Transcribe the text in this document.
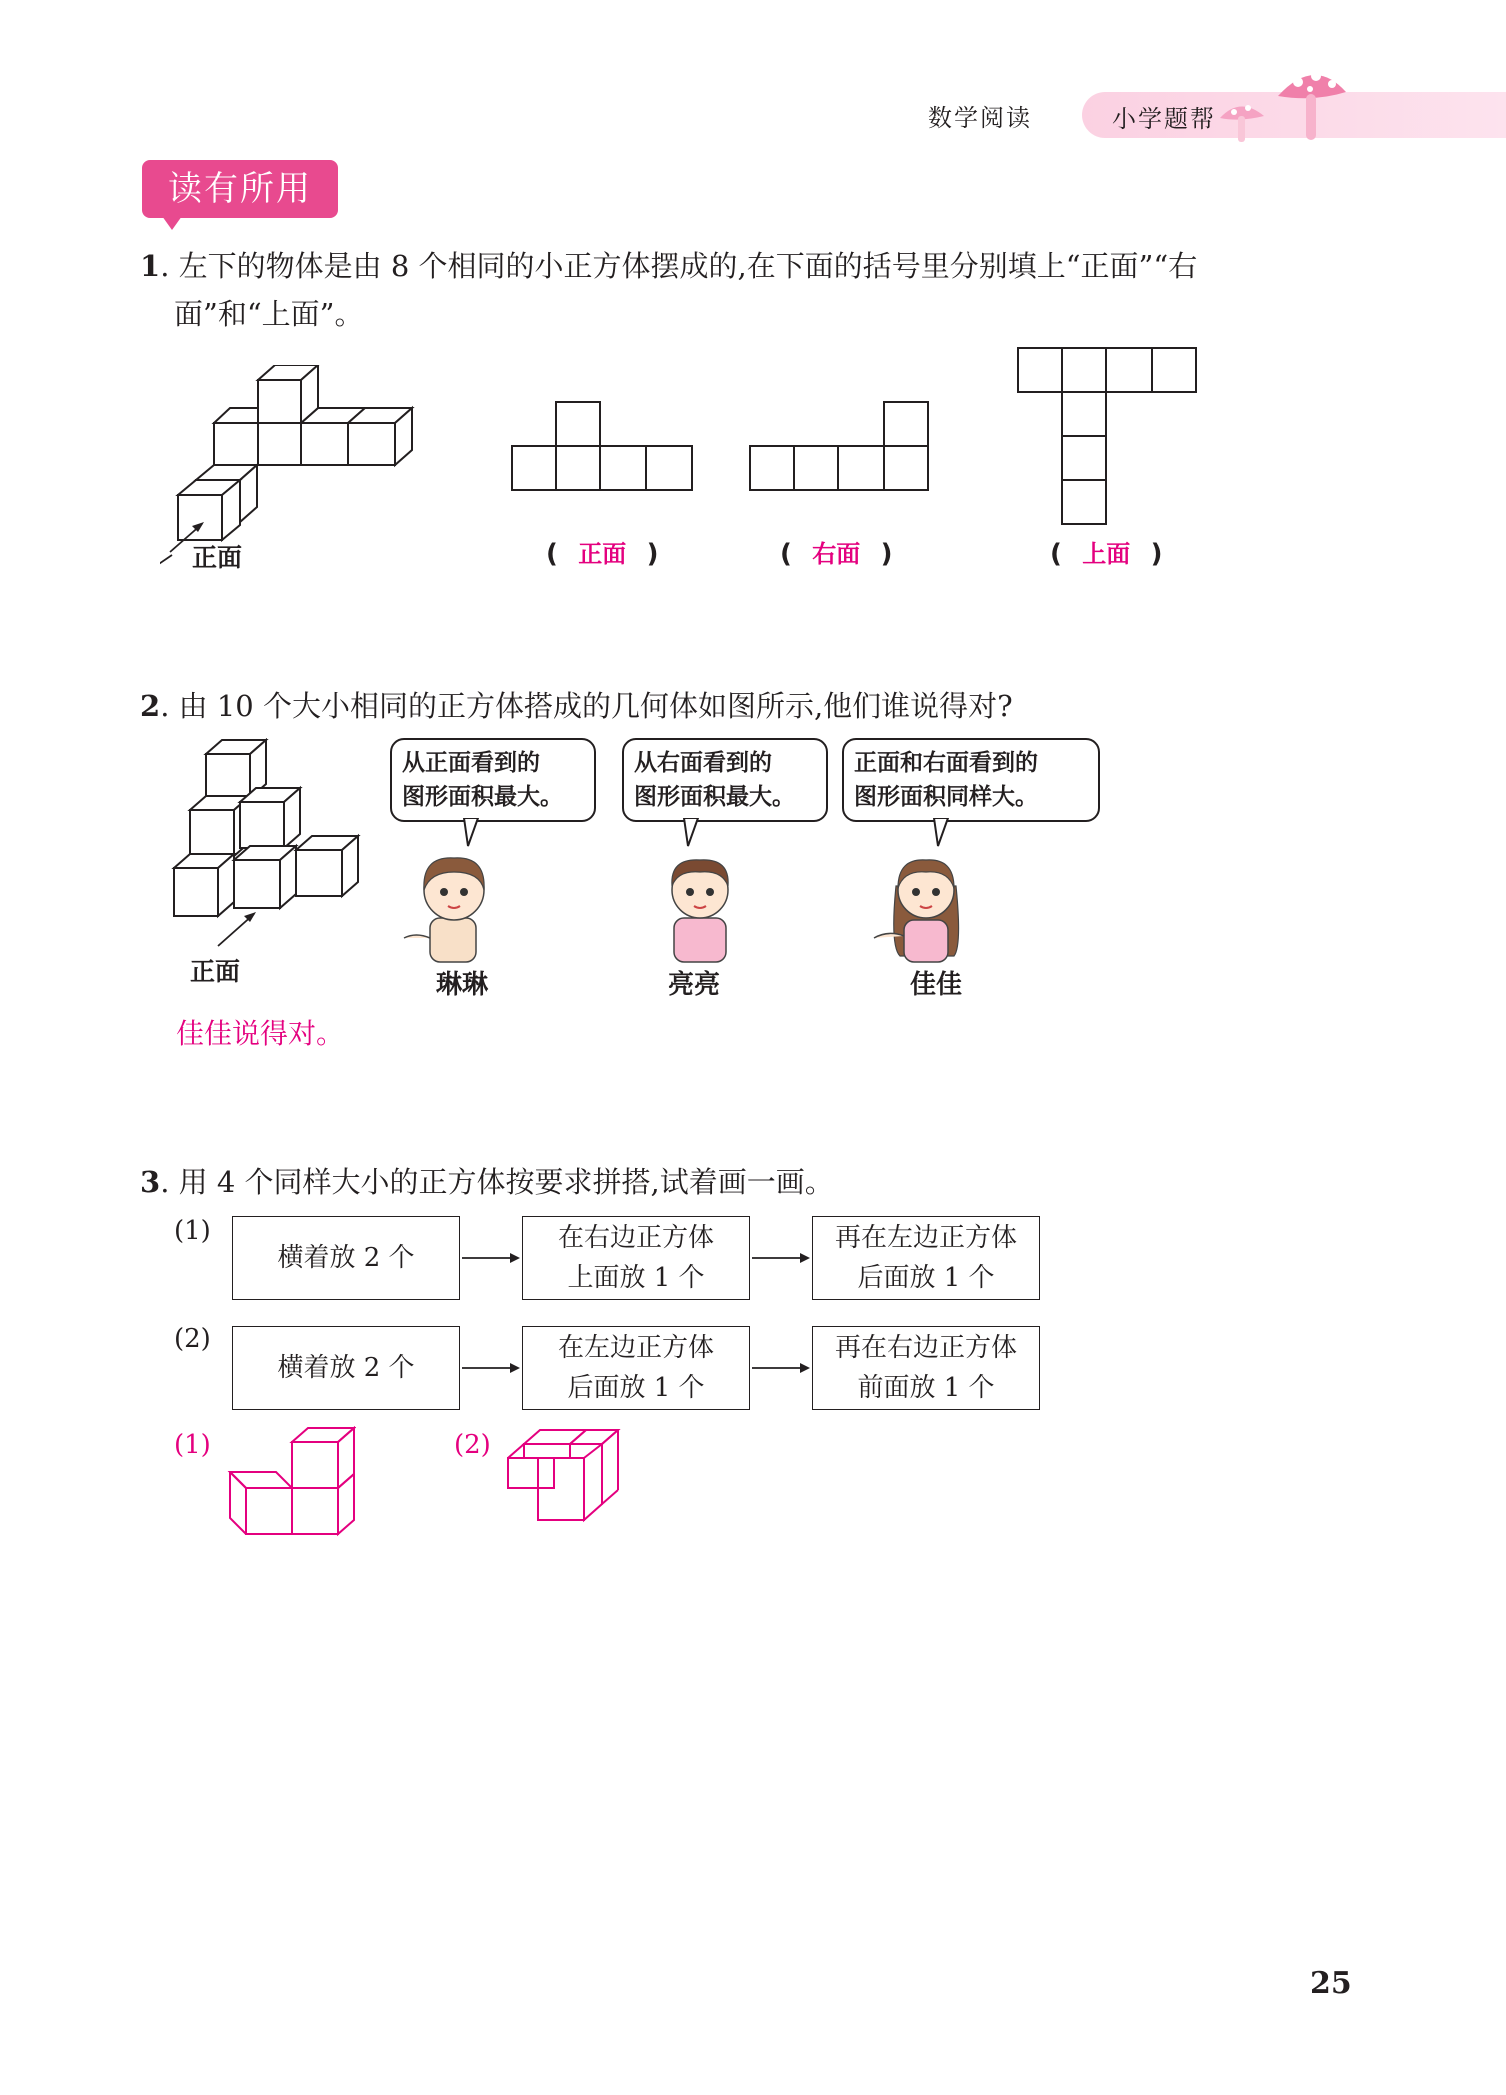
数学阅读	小学题帮
读有所用
1. 左下的物体是由 8 个相同的小正方体摆成的,在下面的括号里分别填上“正面”“右
面”和“上面”。
正面	( 正面 )	( 右面 )	( 上面 )
2. 由 10 个大小相同的正方体搭成的几何体如图所示,他们谁说得对?
正面
从正面看到的
图形面积最大。
从右面看到的
图形面积最大。
正面和右面看到的
图形面积同样大。
琳琳	亮亮	佳佳
佳佳说得对。
3. 用 4 个同样大小的正方体按要求拼搭,试着画一画。
(1)
横着放 2 个
在右边正方体
上面放 1 个
再在左边正方体
后面放 1 个
(2)
横着放 2 个
在左边正方体
后面放 1 个
再在右边正方体
前面放 1 个
(1)	(2)
25
